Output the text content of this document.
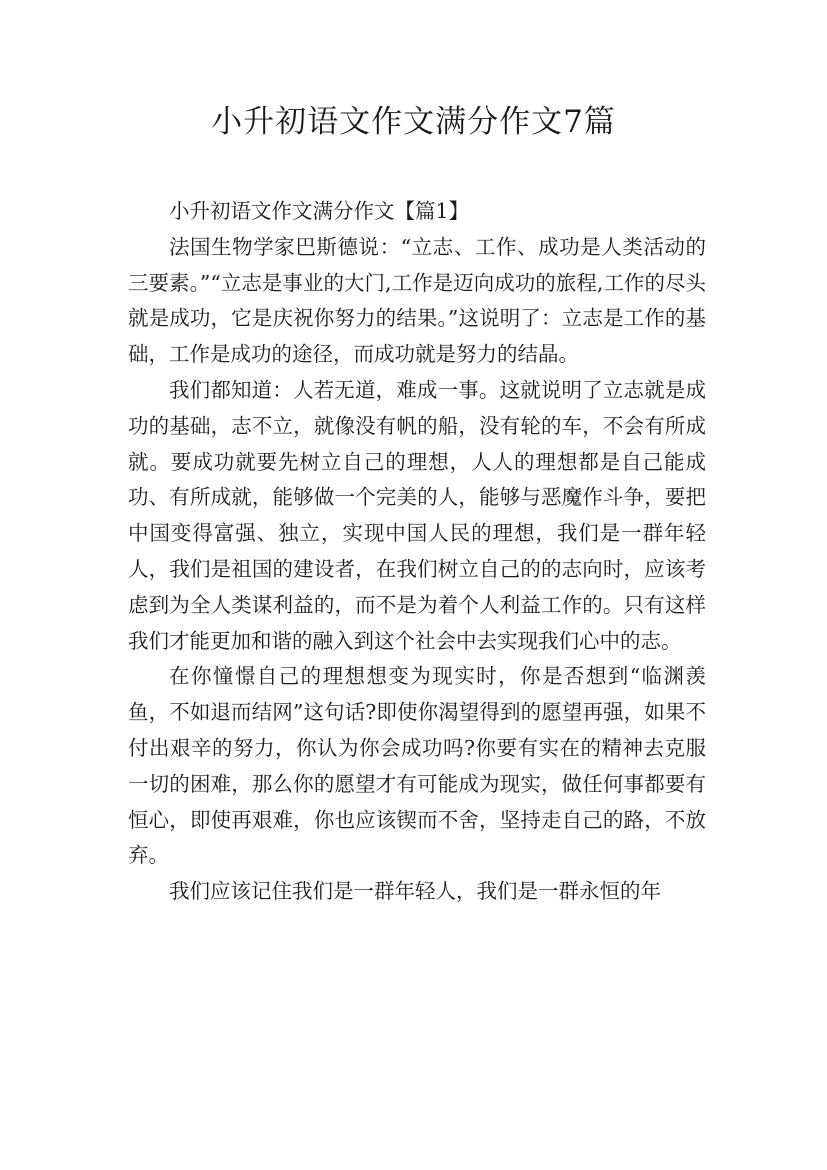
小升初语文作文满分作文7篇

小升初语文作文满分作文【篇1】

法国生物学家巴斯德说：“立志、工作、成功是人类活动的三要素。”“立志是事业的大门,工作是迈向成功的旅程,工作的尽头就是成功，它是庆祝你努力的结果。”这说明了：立志是工作的基础，工作是成功的途径，而成功就是努力的结晶。

我们都知道：人若无道，难成一事。这就说明了立志就是成功的基础，志不立，就像没有帆的船，没有轮的车，不会有所成就。要成功就要先树立自己的理想，人人的理想都是自己能成功、有所成就，能够做一个完美的人，能够与恶魔作斗争，要把中国变得富强、独立，实现中国人民的理想，我们是一群年轻人，我们是祖国的建设者，在我们树立自己的的志向时，应该考虑到为全人类谋利益的，而不是为着个人利益工作的。只有这样我们才能更加和谐的融入到这个社会中去实现我们心中的志。

在你憧憬自己的理想想变为现实时，你是否想到“临渊羡鱼，不如退而结网”这句话?即使你渴望得到的愿望再强，如果不付出艰辛的努力，你认为你会成功吗?你要有实在的精神去克服一切的困难，那么你的愿望才有可能成为现实，做任何事都要有恒心，即使再艰难，你也应该锲而不舍，坚持走自己的路，不放弃。

我们应该记住我们是一群年轻人，我们是一群永恒的年
